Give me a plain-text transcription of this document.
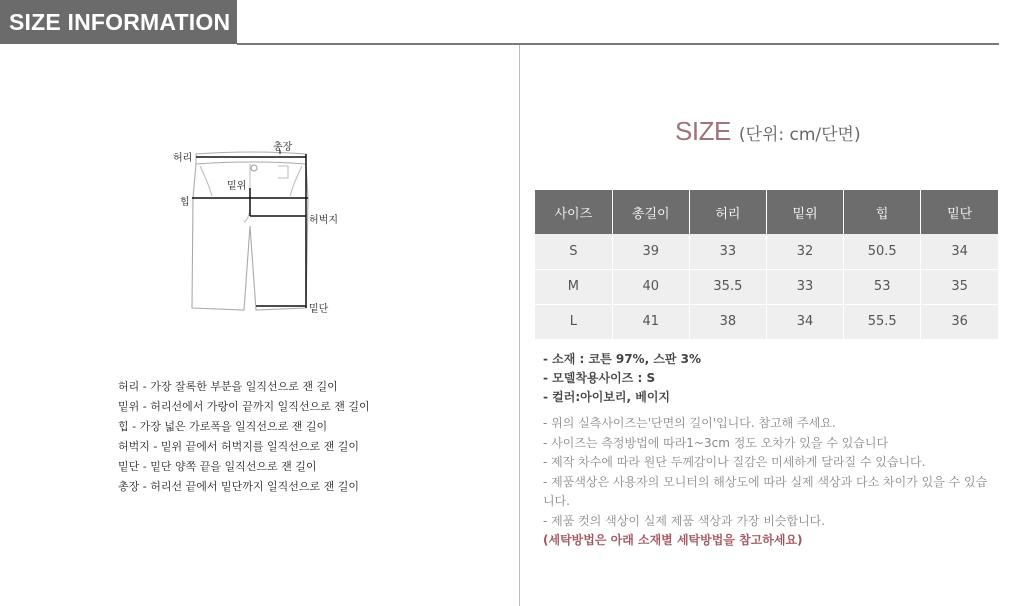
SIZE INFORMATION
허리
총장
밑위
힙
허벅지
밑단
허리 - 가장 잘록한 부분을 일직선으로 잰 길이
밑위 - 허리선에서 가랑이 끝까지 일직선으로 잰 길이
힙 - 가장 넓은 가로폭을 일직선으로 잰 길이
허벅지 - 밑위 끝에서 허벅지를 일직선으로 잰 길이
밑단 - 밑단 양쪽 끝을 일직선으로 잰 길이
총장 - 허리선 끝에서 밑단까지 일직선으로 잰 길이
SIZE (단위: cm/단면)
사이즈	총길이	허리	밑위	힙	밑단
S	39	33	32	50.5	34
M	40	35.5	33	53	35
L	41	38	34	55.5	36
- 소재 : 코튼 97%, 스판 3%
- 모델착용사이즈 : S
- 컬러:아이보리, 베이지

- 위의 실측사이즈는'단면의 길이'입니다. 참고해 주세요.

- 사이즈는 측정방법에 따라1~3cm 정도 오차가 있을 수 있습니다

- 제작 차수에 따라 원단 두께감이나 질감은 미세하게 달라질 수 있습니다.

- 제품색상은 사용자의 모니터의 해상도에 따라 실제 색상과 다소 차이가 있을 수 있습니다.

- 제품 컷의 색상이 실제 제품 색상과 가장 비슷합니다.

(세탁방법은 아래 소재별 세탁방법을 참고하세요)
